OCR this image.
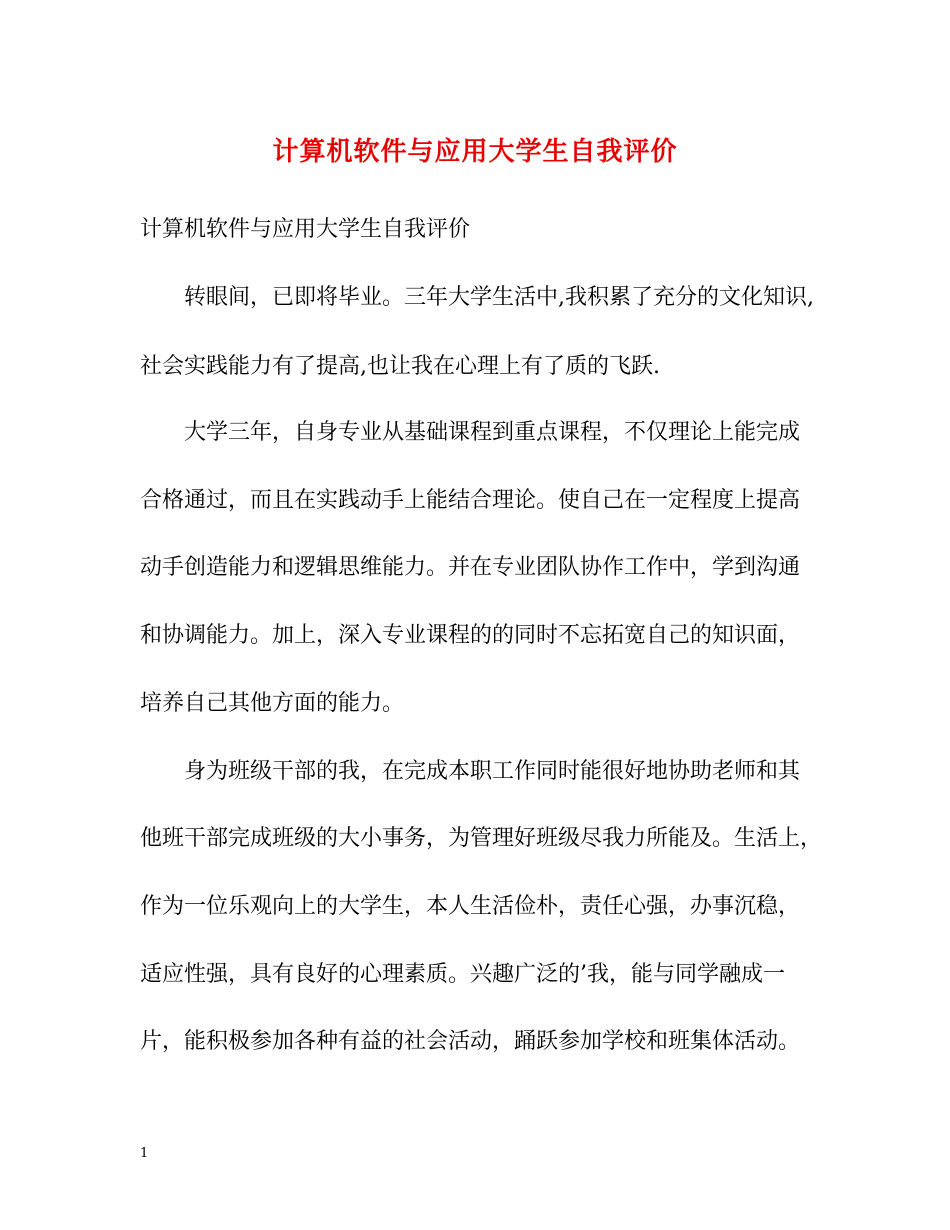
计算机软件与应用大学生自我评价
计算机软件与应用大学生自我评价
转眼间，已即将毕业。三年大学生活中,我积累了充分的文化知识,
社会实践能力有了提高,也让我在心理上有了质的飞跃.
大学三年，自身专业从基础课程到重点课程，不仅理论上能完成
合格通过，而且在实践动手上能结合理论。使自己在一定程度上提高
动手创造能力和逻辑思维能力。并在专业团队协作工作中，学到沟通
和协调能力。加上，深入专业课程的的同时不忘拓宽自己的知识面，
培养自己其他方面的能力。
身为班级干部的我，在完成本职工作同时能很好地协助老师和其
他班干部完成班级的大小事务，为管理好班级尽我力所能及。生活上，
作为一位乐观向上的大学生，本人生活俭朴，责任心强，办事沉稳，
适应性强，具有良好的心理素质。兴趣广泛的’我，能与同学融成一
片，能积极参加各种有益的社会活动，踊跃参加学校和班集体活动。
1
